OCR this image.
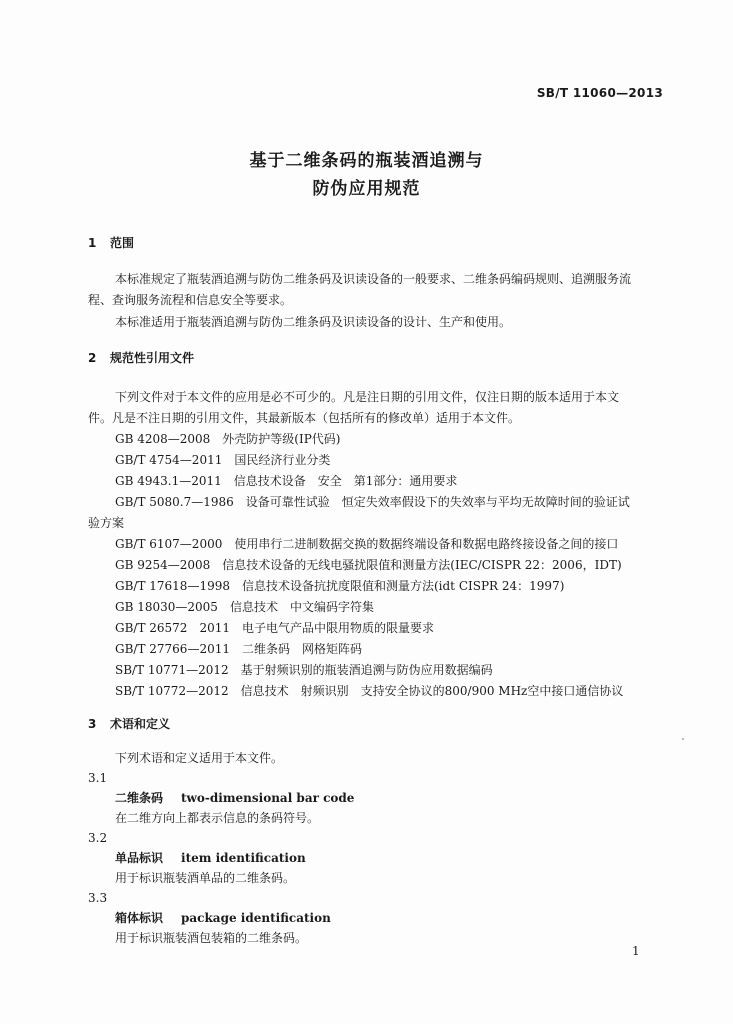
SB/T 11060—2013
基于二维条码的瓶装酒追溯与
防伪应用规范
1 范围
本标准规定了瓶装酒追溯与防伪二维条码及识读设备的一般要求、二维条码编码规则、追溯服务流
程、查询服务流程和信息安全等要求。
本标准适用于瓶装酒追溯与防伪二维条码及识读设备的设计、生产和使用。
2 规范性引用文件
下列文件对于本文件的应用是必不可少的。凡是注日期的引用文件，仅注日期的版本适用于本文
件。凡是不注日期的引用文件，其最新版本（包括所有的修改单）适用于本文件。
GB 4208—2008 外壳防护等级(IP代码)
GB/T 4754—2011 国民经济行业分类
GB 4943.1—2011 信息技术设备　安全　第1部分：通用要求
GB/T 5080.7—1986 设备可靠性试验　恒定失效率假设下的失效率与平均无故障时间的验证试
验方案
GB/T 6107—2000 使用串行二进制数据交换的数据终端设备和数据电路终接设备之间的接口
GB 9254—2008 信息技术设备的无线电骚扰限值和测量方法(IEC/CISPR 22：2006，IDT)
GB/T 17618—1998 信息技术设备抗扰度限值和测量方法(idt CISPR 24：1997)
GB 18030—2005 信息技术　中文编码字符集
GB/T 26572　2011 电子电气产品中限用物质的限量要求
GB/T 27766—2011 二维条码　网格矩阵码
SB/T 10771—2012 基于射频识别的瓶装酒追溯与防伪应用数据编码
SB/T 10772—2012 信息技术　射频识别　支持安全协议的800/900 MHz空中接口通信协议
3 术语和定义
下列术语和定义适用于本文件。
3.1
二维条码 two-dimensional bar code
在二维方向上都表示信息的条码符号。
3.2
单品标识 item identification
用于标识瓶装酒单品的二维条码。
3.3
箱体标识 package identification
用于标识瓶装酒包装箱的二维条码。
1
